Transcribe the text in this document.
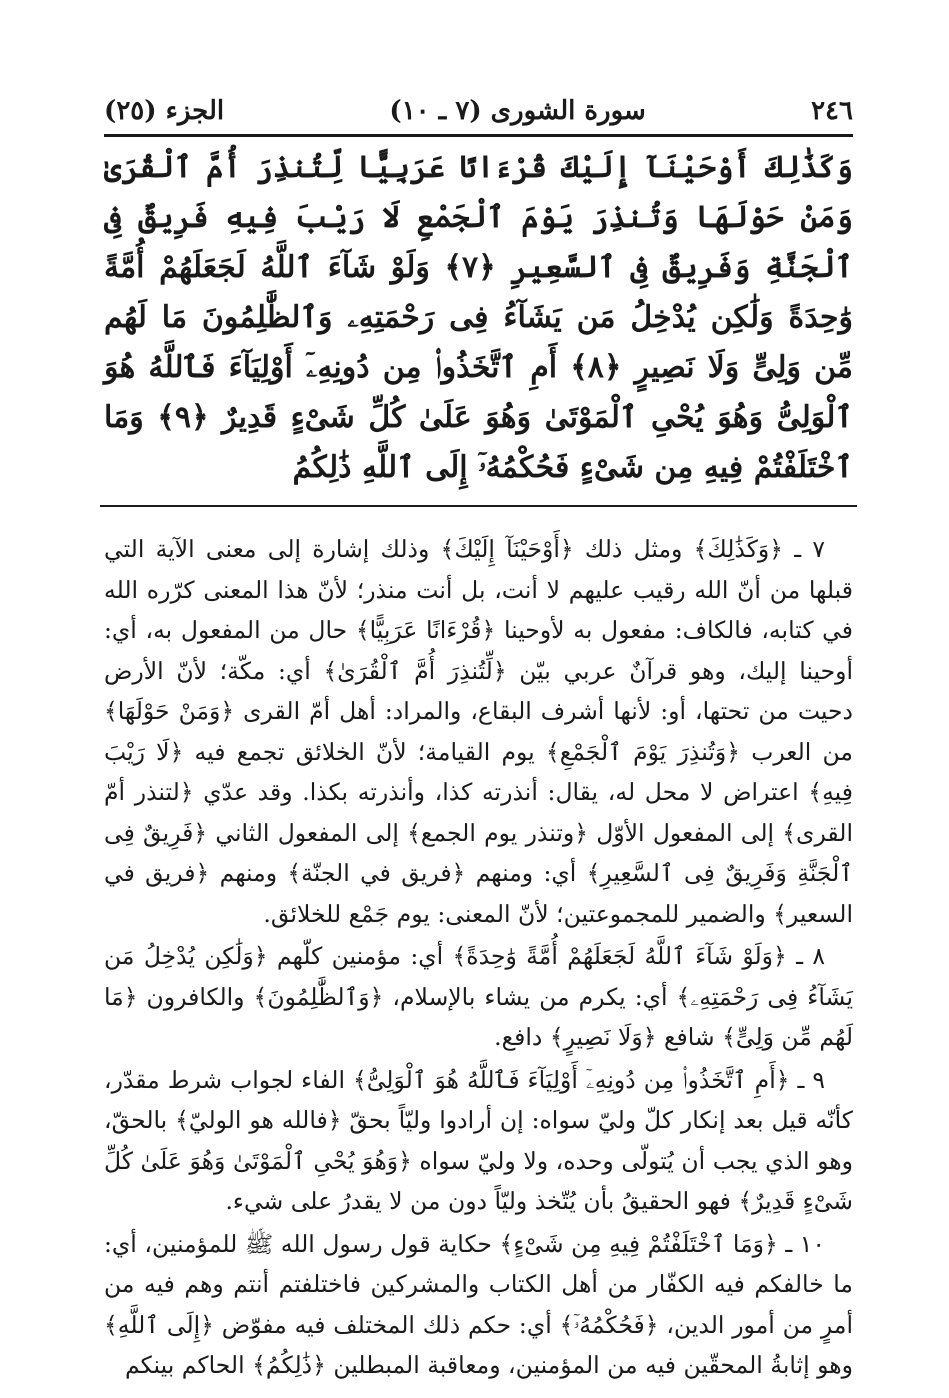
الجزء (٢٥)	سورة الشورى (٧ ـ ١٠)	٢٤٦
وَكَذَٰلِكَ أَوْحَيْنَآ إِلَيْكَ قُرْءَانًا عَرَبِيًّا لِّتُنذِرَ أُمَّ ٱلْقُرَىٰ وَمَنْ حَوْلَهَا وَتُنذِرَ يَوْمَ ٱلْجَمْعِ لَا رَيْبَ فِيهِ فَرِيقٌ فِى ٱلْجَنَّةِ وَفَرِيقٌ فِى ٱلسَّعِيرِ ﴿٧﴾ وَلَوْ شَآءَ ٱللَّهُ لَجَعَلَهُمْ أُمَّةً وَٰحِدَةً وَلَٰكِن يُدْخِلُ مَن يَشَآءُ فِى رَحْمَتِهِۦ وَٱلظَّٰلِمُونَ مَا لَهُم مِّن وَلِىٍّ وَلَا نَصِيرٍ ﴿٨﴾ أَمِ ٱتَّخَذُوا۟ مِن دُونِهِۦٓ أَوْلِيَآءَ فَٱللَّهُ هُوَ ٱلْوَلِىُّ وَهُوَ يُحْىِ ٱلْمَوْتَىٰ وَهُوَ عَلَىٰ كُلِّ شَىْءٍ قَدِيرٌ ﴿٩﴾ وَمَا ٱخْتَلَفْتُمْ فِيهِ مِن شَىْءٍ فَحُكْمُهُۥٓ إِلَى ٱللَّهِ ذَٰلِكُمُ

٧ ـ ﴿وَكَذَٰلِكَ﴾ ومثل ذلك ﴿أَوْحَيْنَآ إِلَيْكَ﴾ وذلك إشارة إلى معنى الآية التي قبلها من أنّ الله رقيب عليهم لا أنت، بل أنت منذر؛ لأنّ هذا المعنى كرّره الله في كتابه، فالكاف: مفعول به لأوحينا ﴿قُرْءَانًا عَرَبِيًّا﴾ حال من المفعول به، أي: أوحينا إليك، وهو قرآنٌ عربي بيّن ﴿لِّتُنذِرَ أُمَّ ٱلْقُرَىٰ﴾ أي: مكّة؛ لأنّ الأرض دحيت من تحتها، أو: لأنها أشرف البقاع، والمراد: أهل أمّ القرى ﴿وَمَنْ حَوْلَهَا﴾ من العرب ﴿وَتُنذِرَ يَوْمَ ٱلْجَمْعِ﴾ يوم القيامة؛ لأنّ الخلائق تجمع فيه ﴿لَا رَيْبَ فِيهِ﴾ اعتراض لا محل له، يقال: أنذرته كذا، وأنذرته بكذا. وقد عدّي ﴿لتنذر أمّ القرى﴾ إلى المفعول الأوّل ﴿وتنذر يوم الجمع﴾ إلى المفعول الثاني ﴿فَرِيقٌ فِى ٱلْجَنَّةِ وَفَرِيقٌ فِى ٱلسَّعِيرِ﴾ أي: ومنهم ﴿فريق في الجنّة﴾ ومنهم ﴿فريق في السعير﴾ والضمير للمجموعتين؛ لأنّ المعنى: يوم جَمْع للخلائق.

٨ ـ ﴿وَلَوْ شَآءَ ٱللَّهُ لَجَعَلَهُمْ أُمَّةً وَٰحِدَةً﴾ أي: مؤمنين كلّهم ﴿وَلَٰكِن يُدْخِلُ مَن يَشَآءُ فِى رَحْمَتِهِۦ﴾ أي: يكرم من يشاء بالإسلام، ﴿وَٱلظَّٰلِمُونَ﴾ والكافرون ﴿مَا لَهُم مِّن وَلِىٍّ﴾ شافع ﴿وَلَا نَصِيرٍ﴾ دافع.

٩ ـ ﴿أَمِ ٱتَّخَذُوا۟ مِن دُونِهِۦٓ أَوْلِيَآءَ فَٱللَّهُ هُوَ ٱلْوَلِىُّ﴾ الفاء لجواب شرط مقدّر، كأنّه قيل بعد إنكار كلّ وليّ سواه: إن أرادوا وليّاً بحقّ ﴿فالله هو الوليّ﴾ بالحقّ، وهو الذي يجب أن يُتولّى وحده، ولا وليّ سواه ﴿وَهُوَ يُحْىِ ٱلْمَوْتَىٰ وَهُوَ عَلَىٰ كُلِّ شَىْءٍ قَدِيرٌ﴾ فهو الحقيقُ بأن يُتّخذ وليّاً دون من لا يقدرُ على شيء.

١٠ ـ ﴿وَمَا ٱخْتَلَفْتُمْ فِيهِ مِن شَىْءٍ﴾ حكاية قول رسول الله ﷺ للمؤمنين، أي: ما خالفكم فيه الكفّار من أهل الكتاب والمشركين فاختلفتم أنتم وهم فيه من أمرٍ من أمور الدين، ﴿فَحُكْمُهُۥٓ﴾ أي: حكم ذلك المختلف فيه مفوّض ﴿إِلَى ٱللَّهِ﴾ وهو إثابةُ المحقّين فيه من المؤمنين، ومعاقبة المبطلين ﴿ذَٰلِكُمُ﴾ الحاكم بينكم
